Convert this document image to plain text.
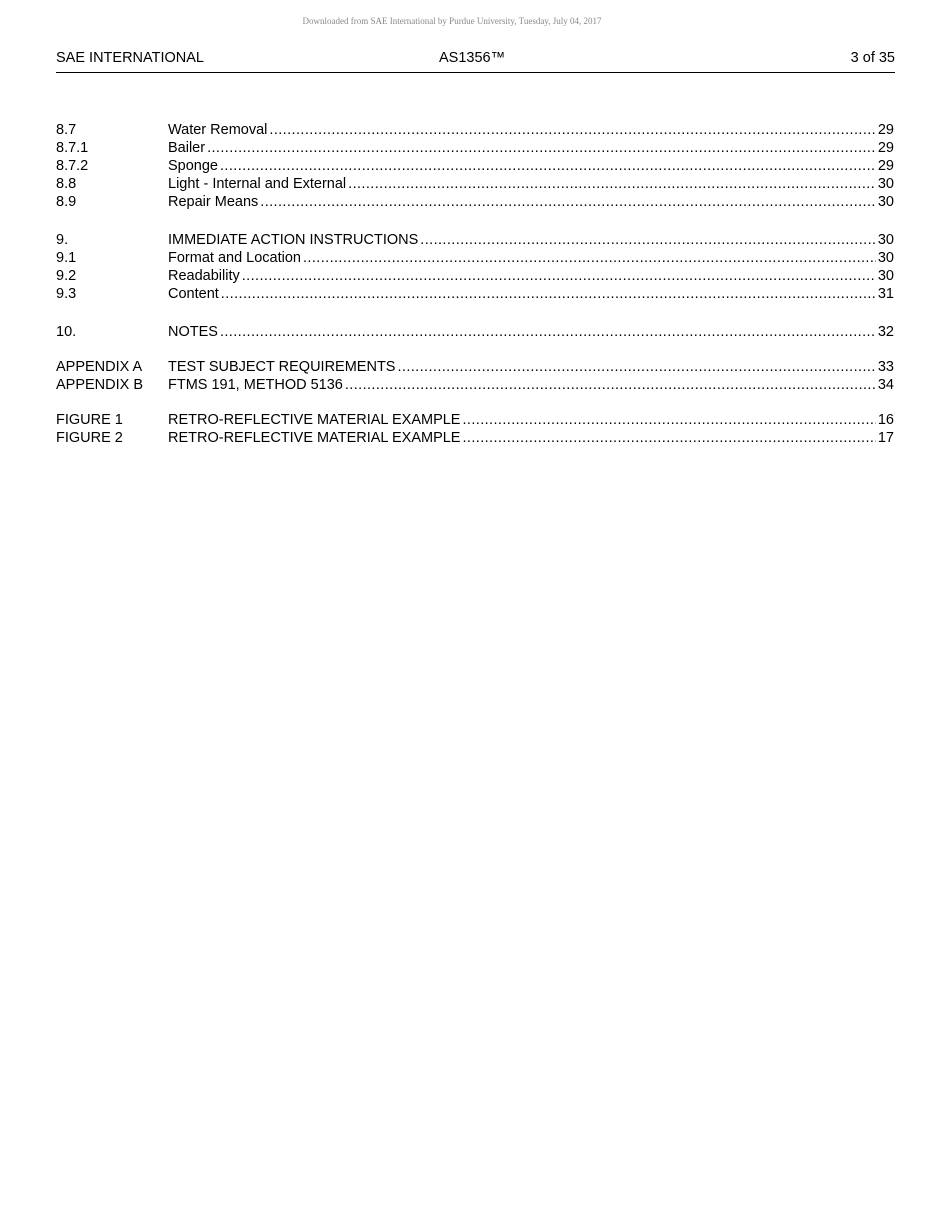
Downloaded from SAE International by Purdue University, Tuesday, July 04, 2017
SAE INTERNATIONAL	AS1356™	3 of 35
8.7	Water Removal .....	29
8.7.1	Bailer .....	29
8.7.2	Sponge .....	29
8.8	Light - Internal and External .....	30
8.9	Repair Means .....	30
9.	IMMEDIATE ACTION INSTRUCTIONS .....	30
9.1	Format and Location .....	30
9.2	Readability .....	30
9.3	Content .....	31
10.	NOTES .....	32
APPENDIX A	TEST SUBJECT REQUIREMENTS .....	33
APPENDIX B	FTMS 191, METHOD 5136 .....	34
FIGURE 1	RETRO-REFLECTIVE MATERIAL EXAMPLE .....	16
FIGURE 2	RETRO-REFLECTIVE MATERIAL EXAMPLE .....	17
